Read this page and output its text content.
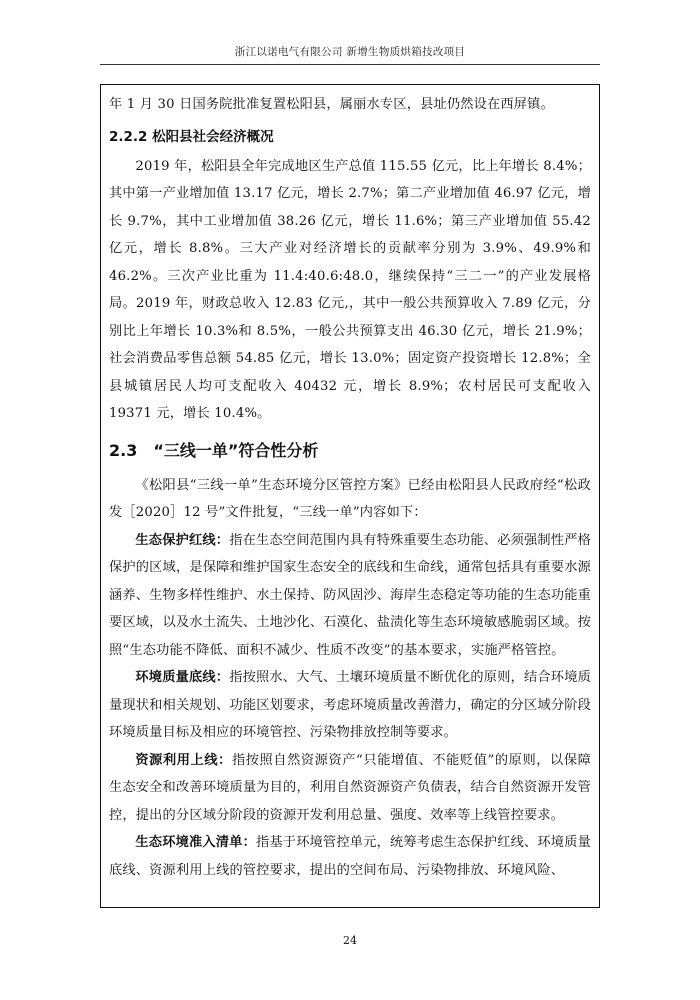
浙江以诺电气有限公司 新增生物质烘箱技改项目

年 1 月 30 日国务院批准复置松阳县，属丽水专区，县址仍然设在西屏镇。

2.2.2 松阳县社会经济概况

2019 年，松阳县全年完成地区生产总值 115.55 亿元，比上年增长 8.4%；其中第一产业增加值 13.17 亿元，增长 2.7%；第二产业增加值 46.97 亿元，增长 9.7%，其中工业增加值 38.26 亿元，增长 11.6%；第三产业增加值 55.42 亿元，增长 8.8%。三大产业对经济增长的贡献率分别为 3.9%、49.9%和 46.2%。三次产业比重为 11.4:40.6:48.0，继续保持“三二一”的产业发展格局。2019 年，财政总收入 12.83 亿元,，其中一般公共预算收入 7.89 亿元，分别比上年增长 10.3%和 8.5%，一般公共预算支出 46.30 亿元，增长 21.9%；社会消费品零售总额 54.85 亿元，增长 13.0%；固定资产投资增长 12.8%；全县城镇居民人均可支配收入 40432 元，增长 8.9%；农村居民可支配收入 19371 元，增长 10.4%。

2.3　“三线一单”符合性分析

《松阳县“三线一单”生态环境分区管控方案》已经由松阳县人民政府经“松政发［2020］12 号”文件批复，“三线一单”内容如下：

生态保护红线：指在生态空间范围内具有特殊重要生态功能、必须强制性严格保护的区域，是保障和维护国家生态安全的底线和生命线，通常包括具有重要水源涵养、生物多样性维护、水土保持、防风固沙、海岸生态稳定等功能的生态功能重要区域，以及水土流失、土地沙化、石漠化、盐渍化等生态环境敏感脆弱区域。按照“生态功能不降低、面积不减少、性质不改变”的基本要求，实施严格管控。

环境质量底线：指按照水、大气、土壤环境质量不断优化的原则，结合环境质量现状和相关规划、功能区划要求，考虑环境质量改善潜力，确定的分区域分阶段环境质量目标及相应的环境管控、污染物排放控制等要求。

资源利用上线：指按照自然资源资产“只能增值、不能贬值”的原则，以保障生态安全和改善环境质量为目的，利用自然资源资产负债表，结合自然资源开发管控，提出的分区域分阶段的资源开发利用总量、强度、效率等上线管控要求。

生态环境准入清单：指基于环境管控单元，统筹考虑生态保护红线、环境质量底线、资源利用上线的管控要求，提出的空间布局、污染物排放、环境风险、

24
